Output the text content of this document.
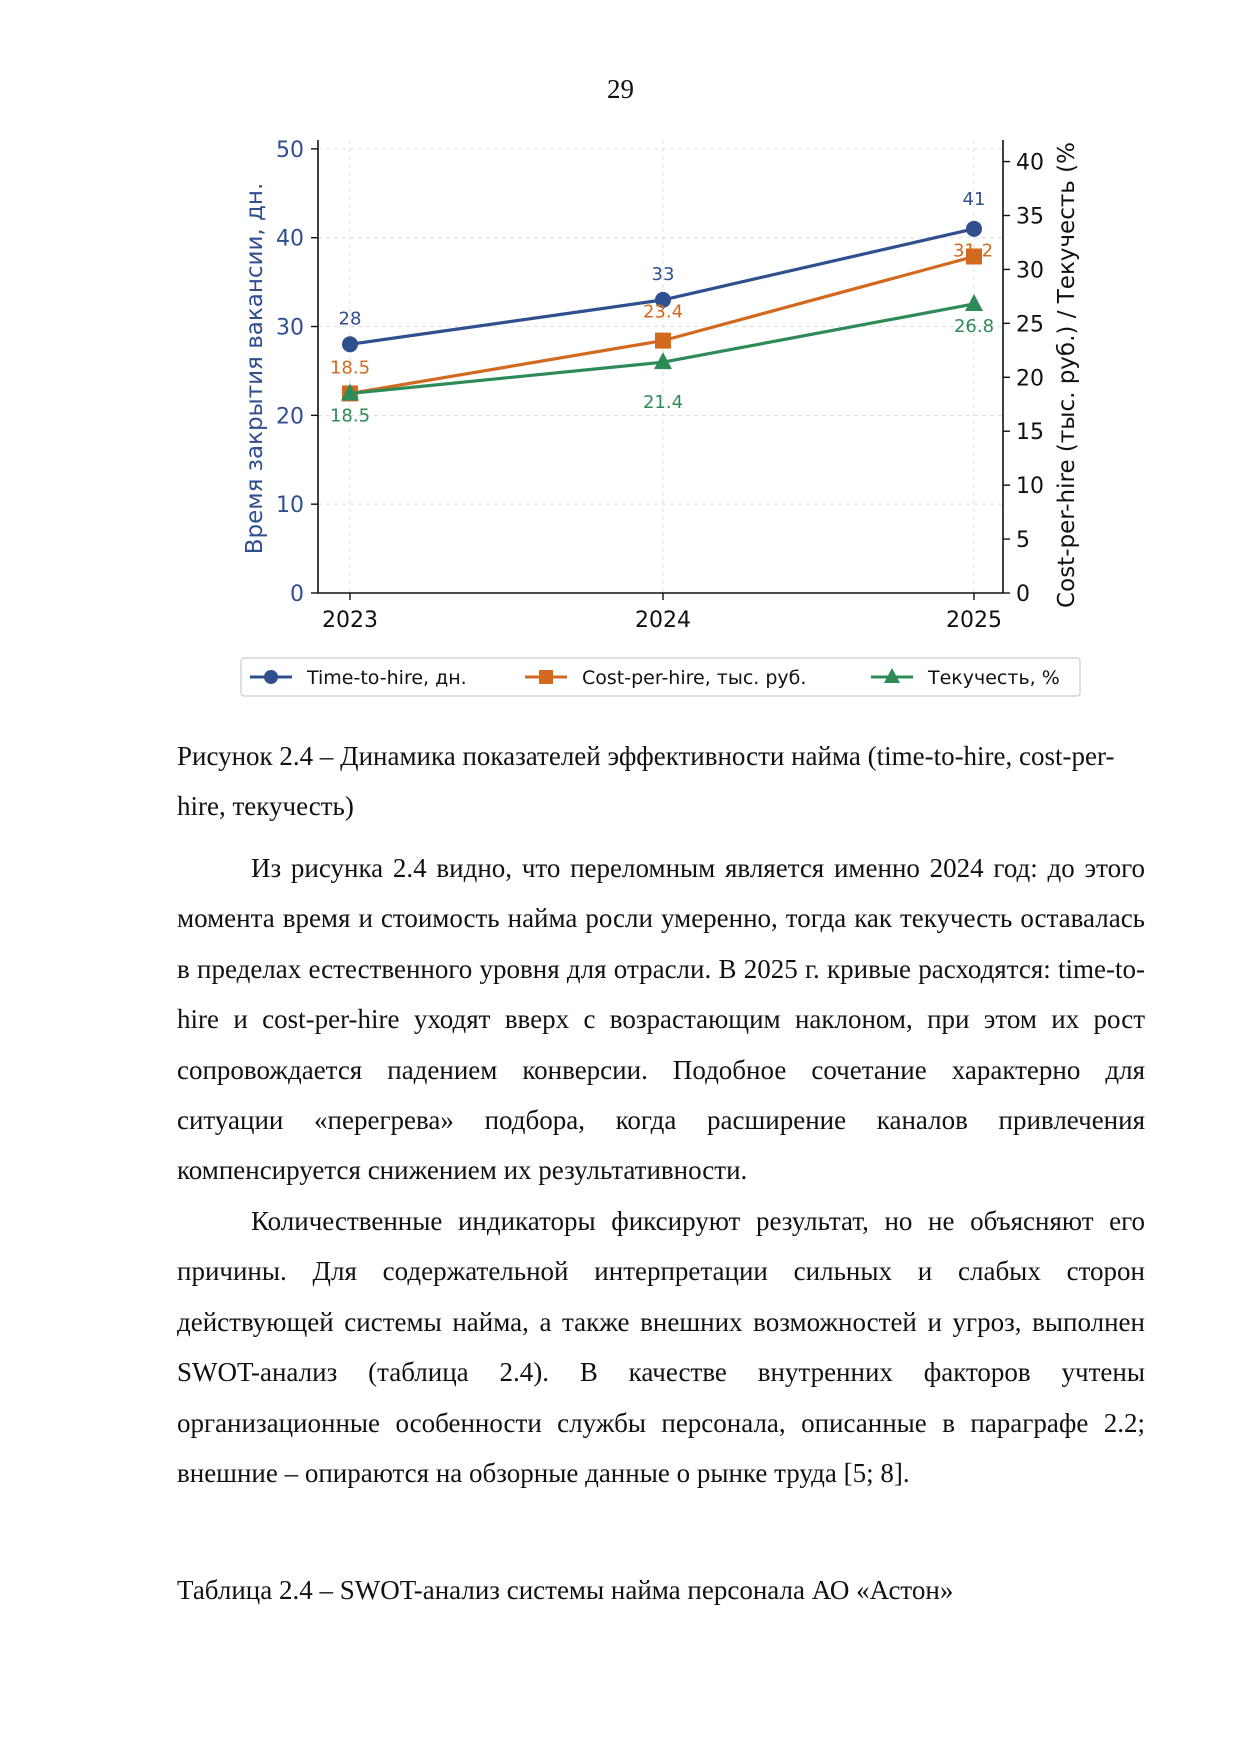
29
0
10
20
30
40
50
0
5
10
15
20
25
30
35
40
2023	2024	2025
Время закрытия вакансии, дн.	Cost-per-hire (тыс. руб.) / Текучесть (%
28
33
41
18.5
23.4
31.2
18.5
21.4
26.8
Time-to-hire, дн.	Cost-per-hire, тыс. руб.	Текучесть, %

Рисунок 2.4 – Динамика показателей эффективности найма (time-to-hire, cost-per-hire, текучесть)

Из рисунка 2.4 видно, что переломным является именно 2024 год: до этого момента время и стоимость найма росли умеренно, тогда как текучесть оставалась в пределах естественного уровня для отрасли. В 2025 г. кривые расходятся: time-to-hire и cost-per-hire уходят вверх с возрастающим наклоном, при этом их рост сопровождается падением конверсии. Подобное сочетание характерно для ситуации «перегрева» подбора, когда расширение каналов привлечения компенсируется снижением их результативности.

Количественные индикаторы фиксируют результат, но не объясняют его причины. Для содержательной интерпретации сильных и слабых сторон действующей системы найма, а также внешних возможностей и угроз, выполнен SWOT-анализ (таблица 2.4). В качестве внутренних факторов учтены организационные особенности службы персонала, описанные в параграфе 2.2; внешние – опираются на обзорные данные о рынке труда [5; 8].

Таблица 2.4 – SWOT-анализ системы найма персонала АО «Астон»
